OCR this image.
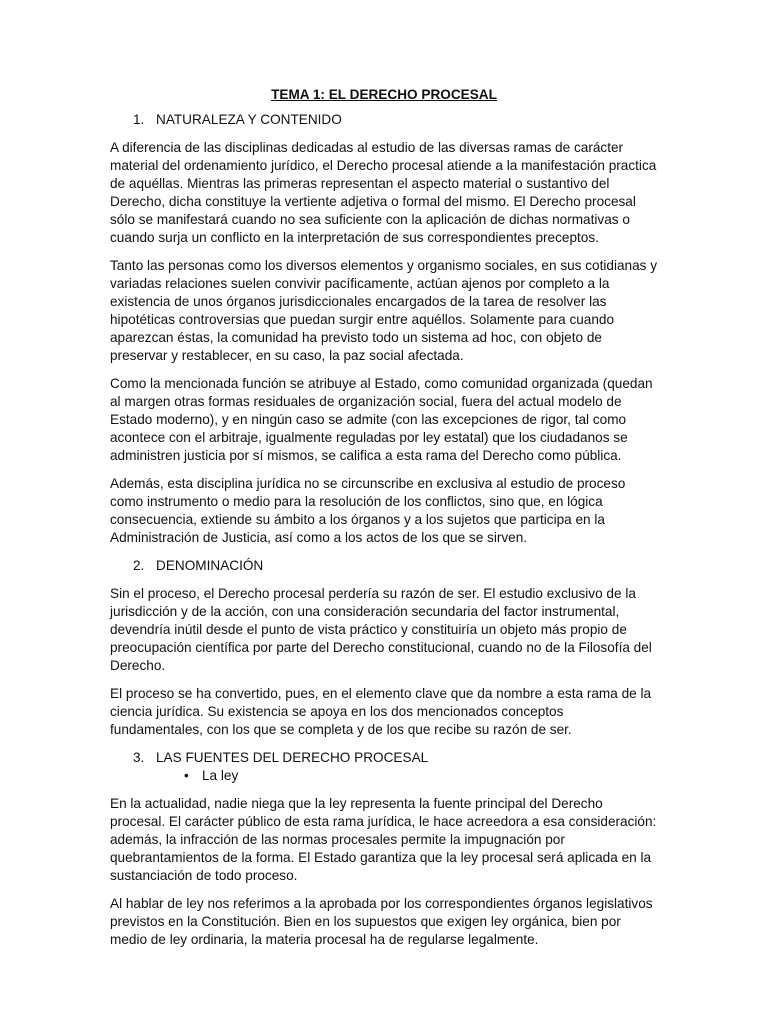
TEMA 1: EL DERECHO PROCESAL
1. NATURALEZA Y CONTENIDO

A diferencia de las disciplinas dedicadas al estudio de las diversas ramas de carácter material del ordenamiento jurídico, el Derecho procesal atiende a la manifestación practica de aquéllas. Mientras las primeras representan el aspecto material o sustantivo del Derecho, dicha constituye la vertiente adjetiva o formal del mismo. El Derecho procesal sólo se manifestará cuando no sea suficiente con la aplicación de dichas normativas o cuando surja un conflicto en la interpretación de sus correspondientes preceptos.

Tanto las personas como los diversos elementos y organismo sociales, en sus cotidianas y variadas relaciones suelen convivir pacíficamente, actúan ajenos por completo a la existencia de unos órganos jurisdiccionales encargados de la tarea de resolver las hipotéticas controversias que puedan surgir entre aquéllos. Solamente para cuando aparezcan éstas, la comunidad ha previsto todo un sistema ad hoc, con objeto de preservar y restablecer, en su caso, la paz social afectada.

Como la mencionada función se atribuye al Estado, como comunidad organizada (quedan al margen otras formas residuales de organización social, fuera del actual modelo de Estado moderno), y en ningún caso se admite (con las excepciones de rigor, tal como acontece con el arbitraje, igualmente reguladas por ley estatal) que los ciudadanos se administren justicia por sí mismos, se califica a esta rama del Derecho como pública.

Además, esta disciplina jurídica no se circunscribe en exclusiva al estudio de proceso como instrumento o medio para la resolución de los conflictos, sino que, en lógica consecuencia, extiende su ámbito a los órganos y a los sujetos que participa en la Administración de Justicia, así como a los actos de los que se sirven.

2. DENOMINACIÓN

Sin el proceso, el Derecho procesal perdería su razón de ser. El estudio exclusivo de la jurisdicción y de la acción, con una consideración secundaria del factor instrumental, devendría inútil desde el punto de vista práctico y constituiría un objeto más propio de preocupación científica por parte del Derecho constitucional, cuando no de la Filosofía del Derecho.

El proceso se ha convertido, pues, en el elemento clave que da nombre a esta rama de la ciencia jurídica. Su existencia se apoya en los dos mencionados conceptos fundamentales, con los que se completa y de los que recibe su razón de ser.

3. LAS FUENTES DEL DERECHO PROCESAL
• La ley

En la actualidad, nadie niega que la ley representa la fuente principal del Derecho procesal. El carácter público de esta rama jurídica, le hace acreedora a esa consideración: además, la infracción de las normas procesales permite la impugnación por quebrantamientos de la forma. El Estado garantiza que la ley procesal será aplicada en la sustanciación de todo proceso.

Al hablar de ley nos referimos a la aprobada por los correspondientes órganos legislativos previstos en la Constitución. Bien en los supuestos que exigen ley orgánica, bien por medio de ley ordinaria, la materia procesal ha de regularse legalmente.
